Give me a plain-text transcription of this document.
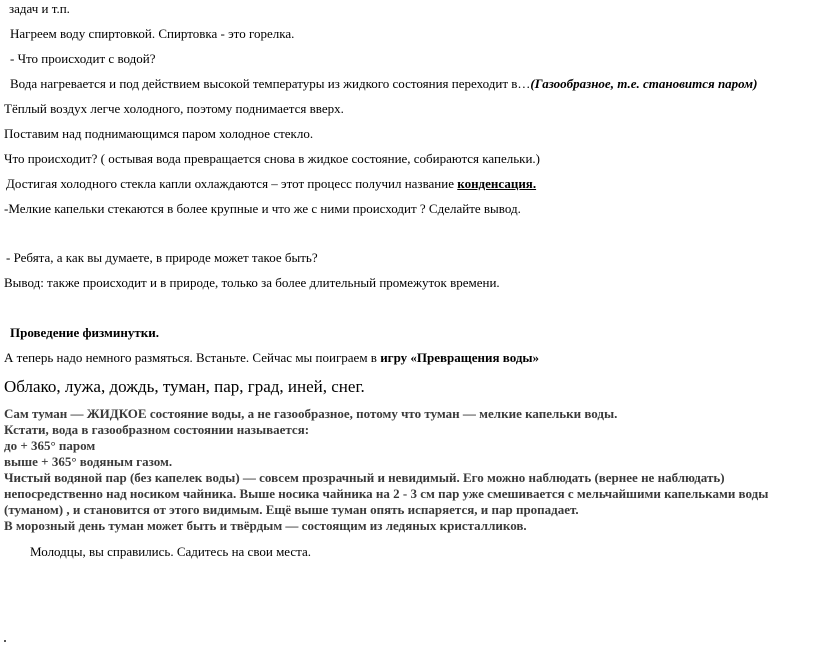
задач и т.п.
Нагреем воду спиртовкой. Спиртовка - это горелка.
- Что происходит с водой?
Вода нагревается и под действием высокой температуры из жидкого состояния переходит в…(Газообразное, т.е. становится паром)
Тёплый воздух легче холодного, поэтому поднимается вверх.
Поставим над поднимающимся паром холодное стекло.
Что происходит? ( остывая вода превращается снова в жидкое состояние, собираются капельки.)
Достигая холодного стекла капли охлаждаются – этот процесс получил название конденсация.
-Мелкие капельки стекаются в более крупные и что же с ними происходит ? Сделайте вывод.
- Ребята, а как вы думаете, в природе может такое быть?
Вывод: также происходит и в природе, только за более длительный промежуток времени.
Проведение физминутки.
А теперь надо немного размяться. Встаньте. Сейчас мы поиграем в игру «Превращения воды»
Облако, лужа, дождь, туман, пар, град, иней, снег.
Сам туман — ЖИДКОЕ состояние воды, а не газообразное, потому что туман — мелкие капельки воды.
Кстати, вода в газообразном состоянии называется:
до + 365° паром
выше + 365° водяным газом.
Чистый водяной пар (без капелек воды) — совсем прозрачный и невидимый. Его можно наблюдать (вернее не наблюдать)
непосредственно над носиком чайника. Выше носика чайника на 2 - 3 см пар уже смешивается с мельчайшими капельками воды
(туманом) , и становится от этого видимым. Ещё выше туман опять испаряется, и пар пропадает.
В морозный день туман может быть и твёрдым — состоящим из ледяных кристалликов.
Молодцы, вы справились. Садитесь на свои места.
